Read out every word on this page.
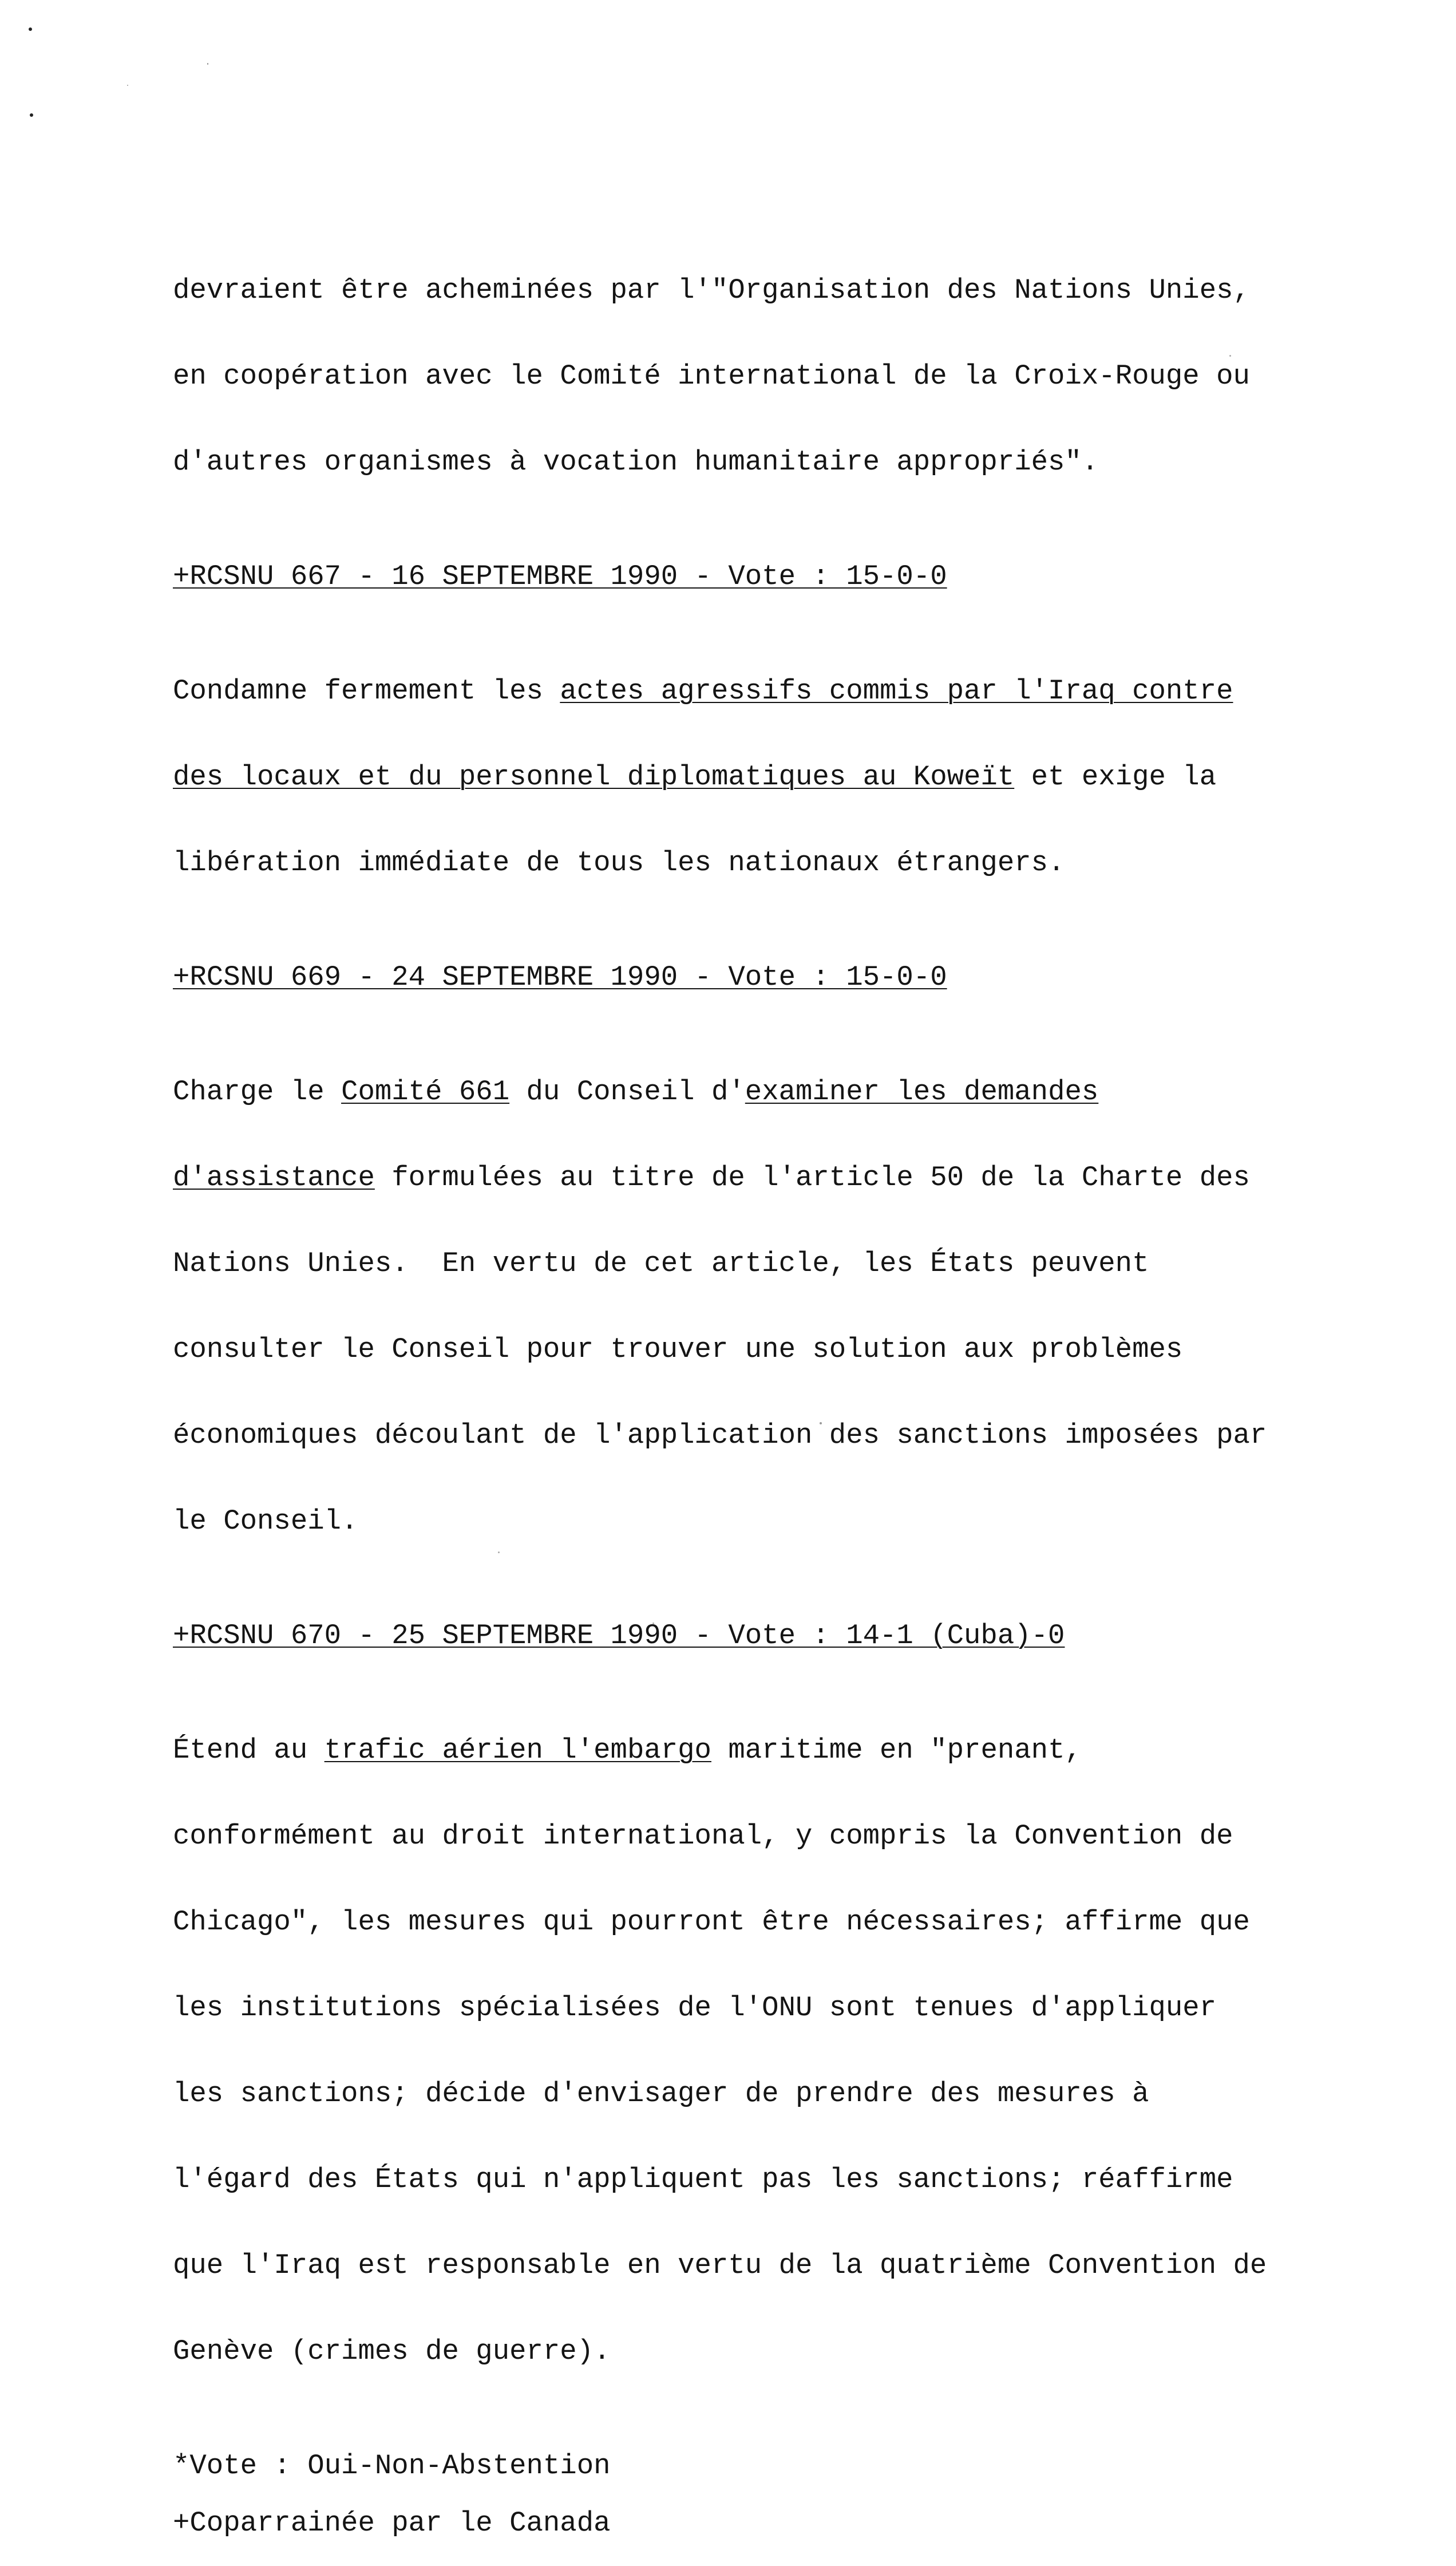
devraient être acheminées par l'"Organisation des Nations Unies,

en coopération avec le Comité international de la Croix-Rouge ou

d'autres organismes à vocation humanitaire appropriés".

+RCSNU 667 - 16 SEPTEMBRE 1990 - Vote : 15-0-0

Condamne fermement les actes agressifs commis par l'Iraq contre

des locaux et du personnel diplomatiques au Koweït et exige la

libération immédiate de tous les nationaux étrangers.

+RCSNU 669 - 24 SEPTEMBRE 1990 - Vote : 15-0-0

Charge le Comité 661 du Conseil d'examiner les demandes

d'assistance formulées au titre de l'article 50 de la Charte des

Nations Unies.  En vertu de cet article, les États peuvent

consulter le Conseil pour trouver une solution aux problèmes

économiques découlant de l'application des sanctions imposées par

le Conseil.

+RCSNU 670 - 25 SEPTEMBRE 1990 - Vote : 14-1 (Cuba)-0

Étend au trafic aérien l'embargo maritime en "prenant,

conformément au droit international, y compris la Convention de

Chicago", les mesures qui pourront être nécessaires; affirme que

les institutions spécialisées de l'ONU sont tenues d'appliquer

les sanctions; décide d'envisager de prendre des mesures à

l'égard des États qui n'appliquent pas les sanctions; réaffirme

que l'Iraq est responsable en vertu de la quatrième Convention de

Genève (crimes de guerre).

*Vote : Oui-Non-Abstention
+Coparrainée par le Canada
